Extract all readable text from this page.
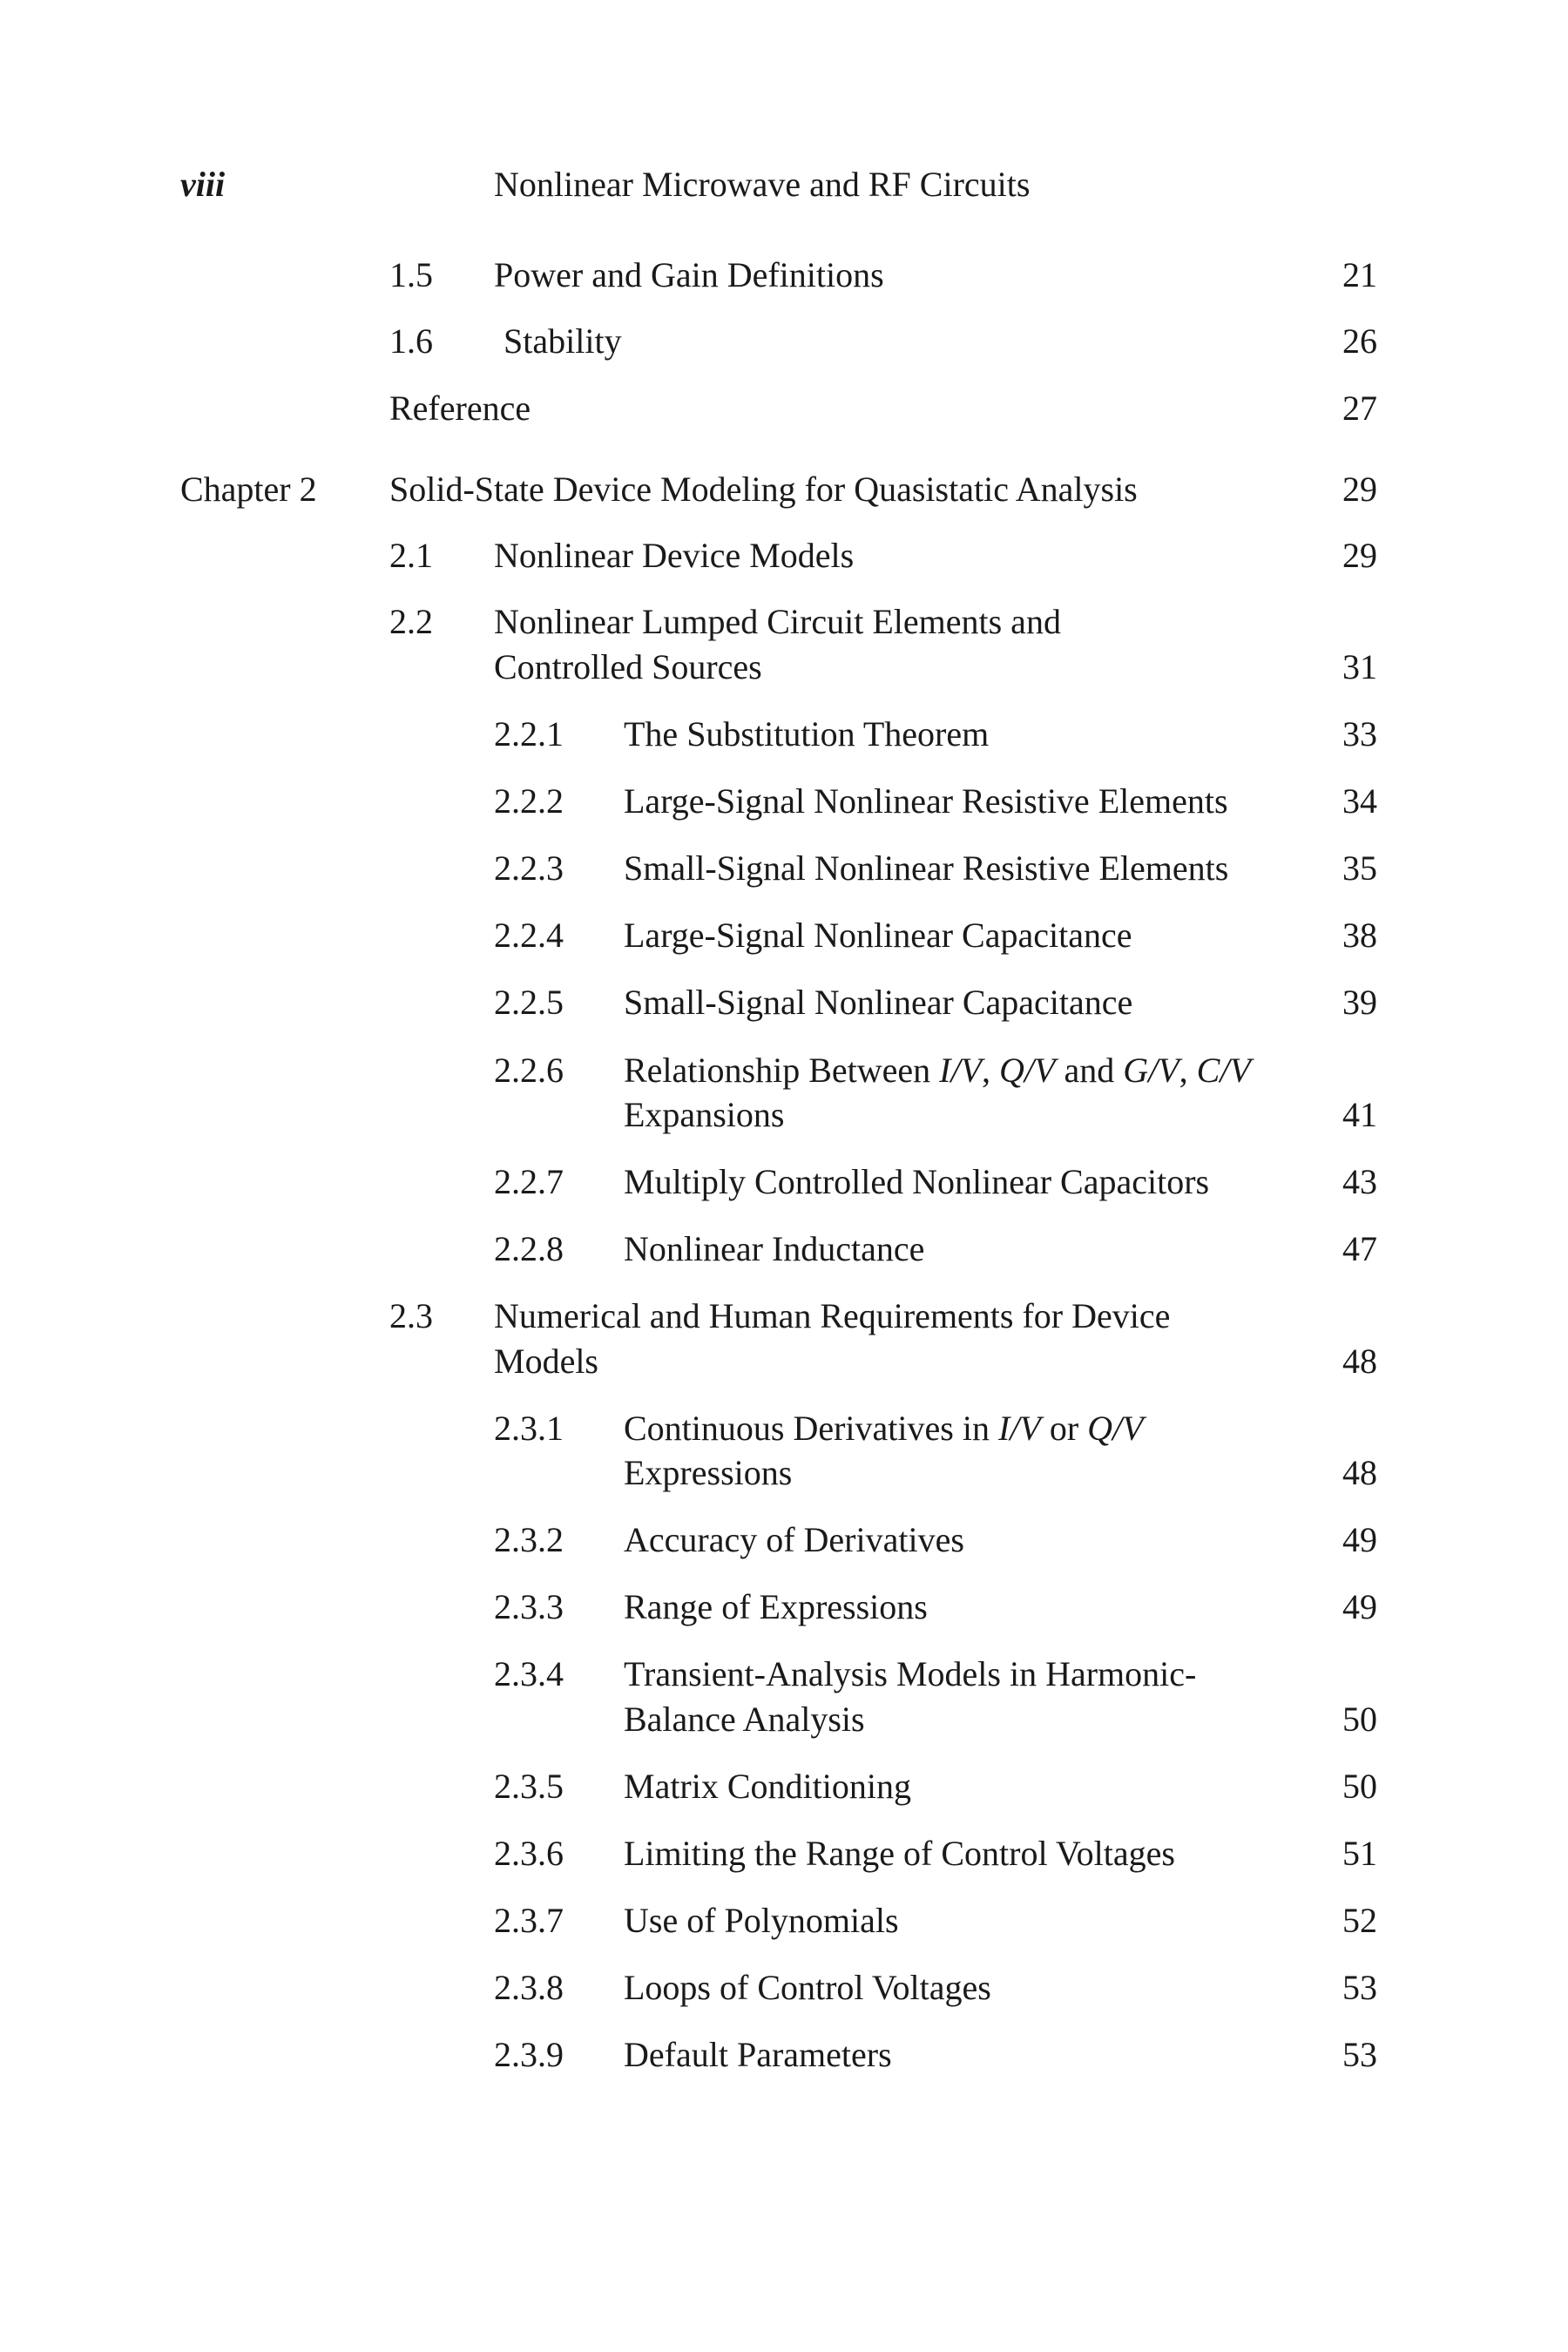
viii	Nonlinear Microwave and RF Circuits
1.5 Power and Gain Definitions	21
1.6 Stability	26
Reference	27
Chapter 2 Solid-State Device Modeling for Quasistatic Analysis	29
2.1 Nonlinear Device Models	29
2.2 Nonlinear Lumped Circuit Elements and
Controlled Sources	31
2.2.1 The Substitution Theorem	33
2.2.2 Large-Signal Nonlinear Resistive Elements	34
2.2.3 Small-Signal Nonlinear Resistive Elements	35
2.2.4 Large-Signal Nonlinear Capacitance	38
2.2.5 Small-Signal Nonlinear Capacitance	39
2.2.6 Relationship Between I/V, Q/V and G/V, C/V
Expansions	41
2.2.7 Multiply Controlled Nonlinear Capacitors	43
2.2.8 Nonlinear Inductance	47
2.3 Numerical and Human Requirements for Device
Models	48
2.3.1 Continuous Derivatives in I/V or Q/V
Expressions	48
2.3.2 Accuracy of Derivatives	49
2.3.3 Range of Expressions	49
2.3.4 Transient-Analysis Models in Harmonic-
Balance Analysis	50
2.3.5 Matrix Conditioning	50
2.3.6 Limiting the Range of Control Voltages	51
2.3.7 Use of Polynomials	52
2.3.8 Loops of Control Voltages	53
2.3.9 Default Parameters	53
